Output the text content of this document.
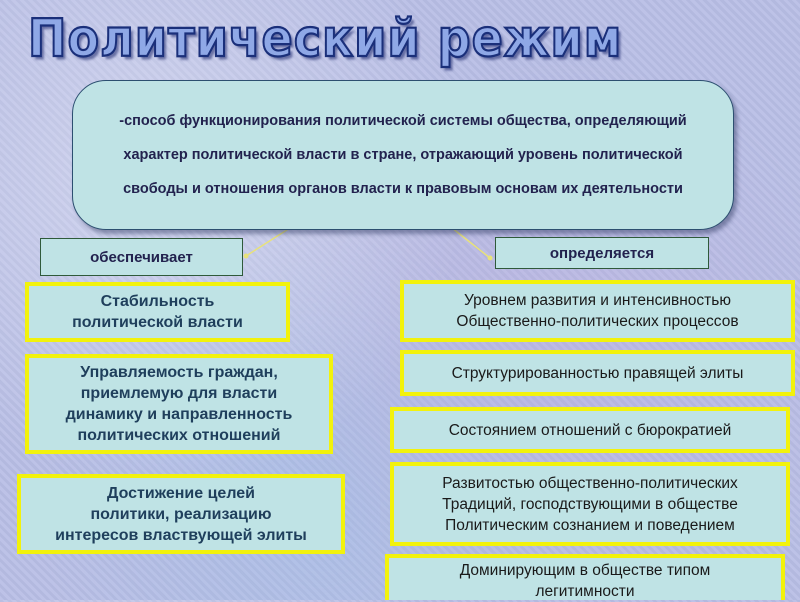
Политический режим
-способ функционирования политической системы общества, определяющий характер политической власти в стране, отражающий уровень политической свободы и отношения органов власти к правовым основам их деятельности
обеспечивает	определяется
Стабильность
политической власти
Управляемость граждан,
приемлемую для власти
динамику и направленность
политических отношений
Достижение целей
политики, реализацию
интересов властвующей элиты
Уровнем развития и интенсивностью
Общественно-политических процессов
Структурированностью правящей элиты
Состоянием отношений с бюрократией
Развитостью общественно-политических
Традиций, господствующими в обществе
Политическим сознанием и поведением
Доминирующим в обществе типом
легитимности
